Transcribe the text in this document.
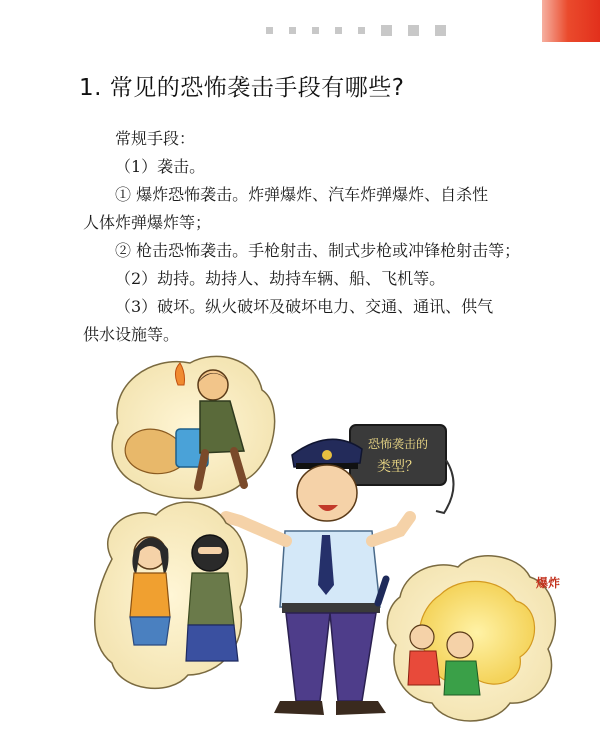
1. 常见的恐怖袭击手段有哪些?

常规手段：

（1）袭击。

① 爆炸恐怖袭击。炸弹爆炸、汽车炸弹爆炸、自杀性

人体炸弹爆炸等；

② 枪击恐怖袭击。手枪射击、制式步枪或冲锋枪射击等；

（2）劫持。劫持人、劫持车辆、船、飞机等。

（3）破坏。纵火破坏及破坏电力、交通、通讯、供气

供水设施等。

恐怖袭击的
类型？
爆炸
